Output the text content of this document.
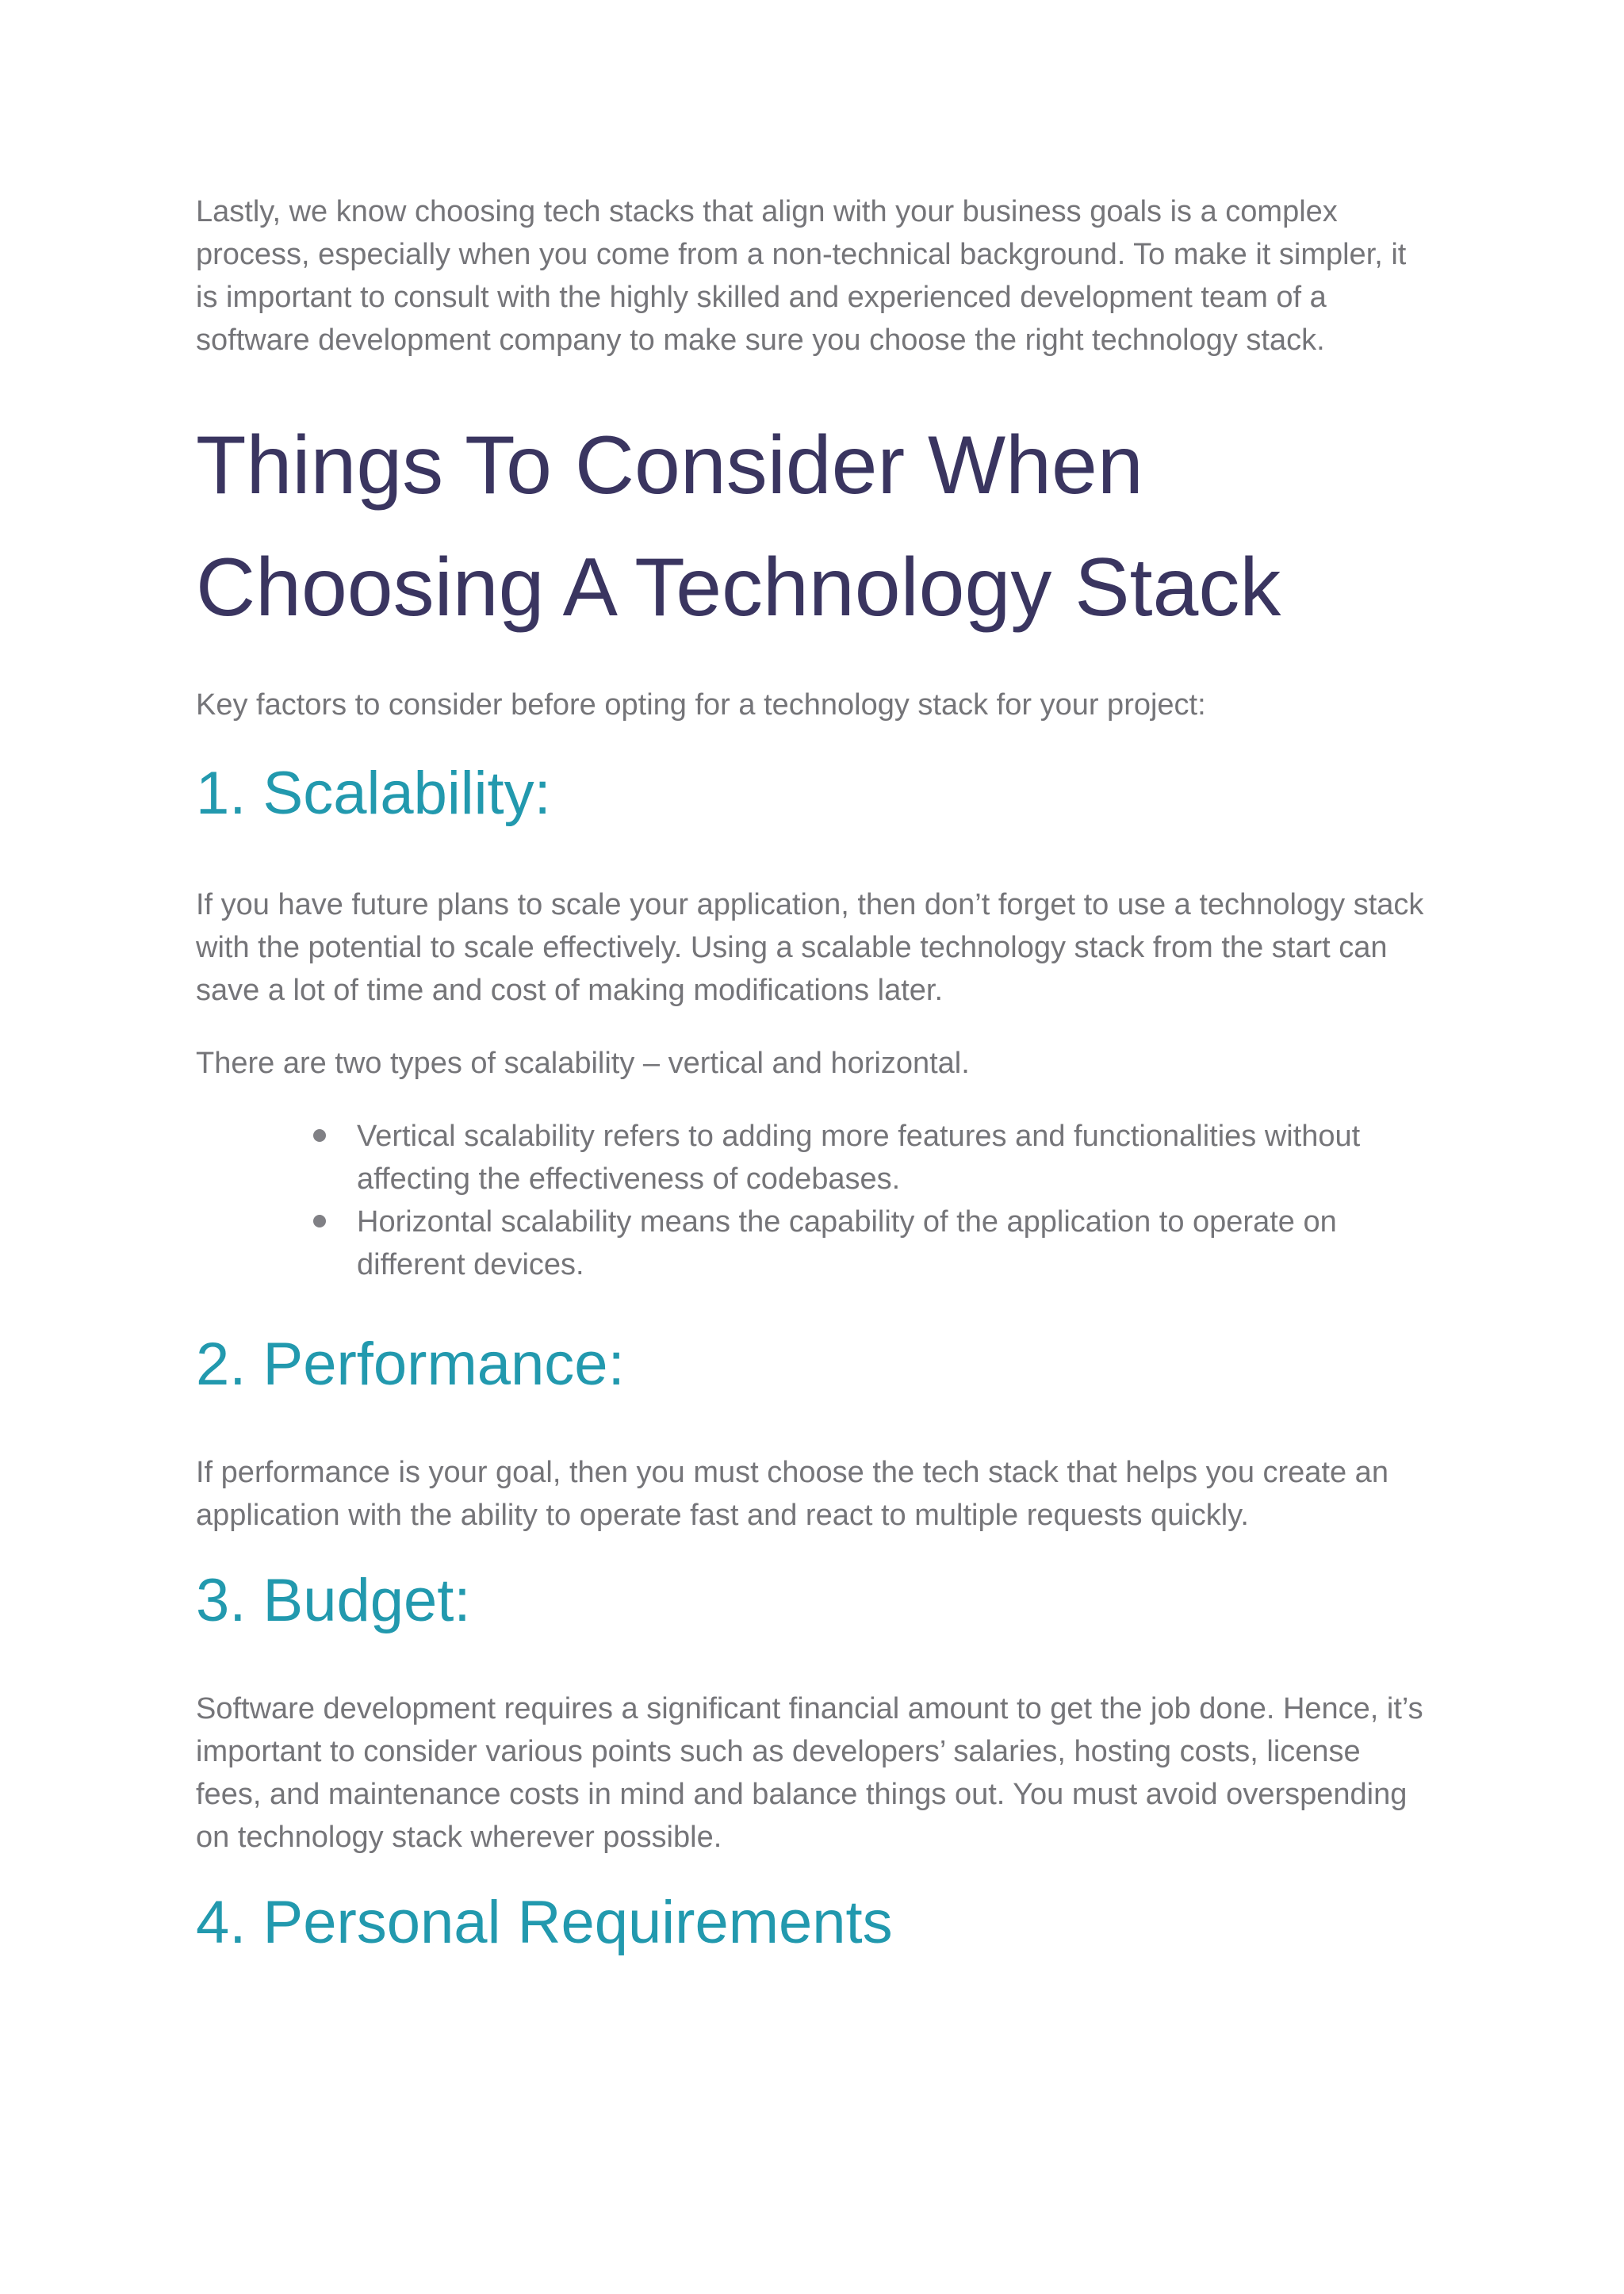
Lastly, we know choosing tech stacks that align with your business goals is a complex process, especially when you come from a non-technical background. To make it simpler, it is important to consult with the highly skilled and experienced development team of a software development company to make sure you choose the right technology stack.

Things To Consider When Choosing A Technology Stack

Key factors to consider before opting for a technology stack for your project:

1. Scalability:

If you have future plans to scale your application, then don’t forget to use a technology stack with the potential to scale effectively. Using a scalable technology stack from the start can save a lot of time and cost of making modifications later.

There are two types of scalability – vertical and horizontal.

Vertical scalability refers to adding more features and functionalities without affecting the effectiveness of codebases.
Horizontal scalability means the capability of the application to operate on different devices.
2. Performance:

If performance is your goal, then you must choose the tech stack that helps you create an application with the ability to operate fast and react to multiple requests quickly.

3. Budget:

Software development requires a significant financial amount to get the job done. Hence, it’s important to consider various points such as developers’ salaries, hosting costs, license fees, and maintenance costs in mind and balance things out. You must avoid overspending on technology stack wherever possible.

4. Personal Requirements
